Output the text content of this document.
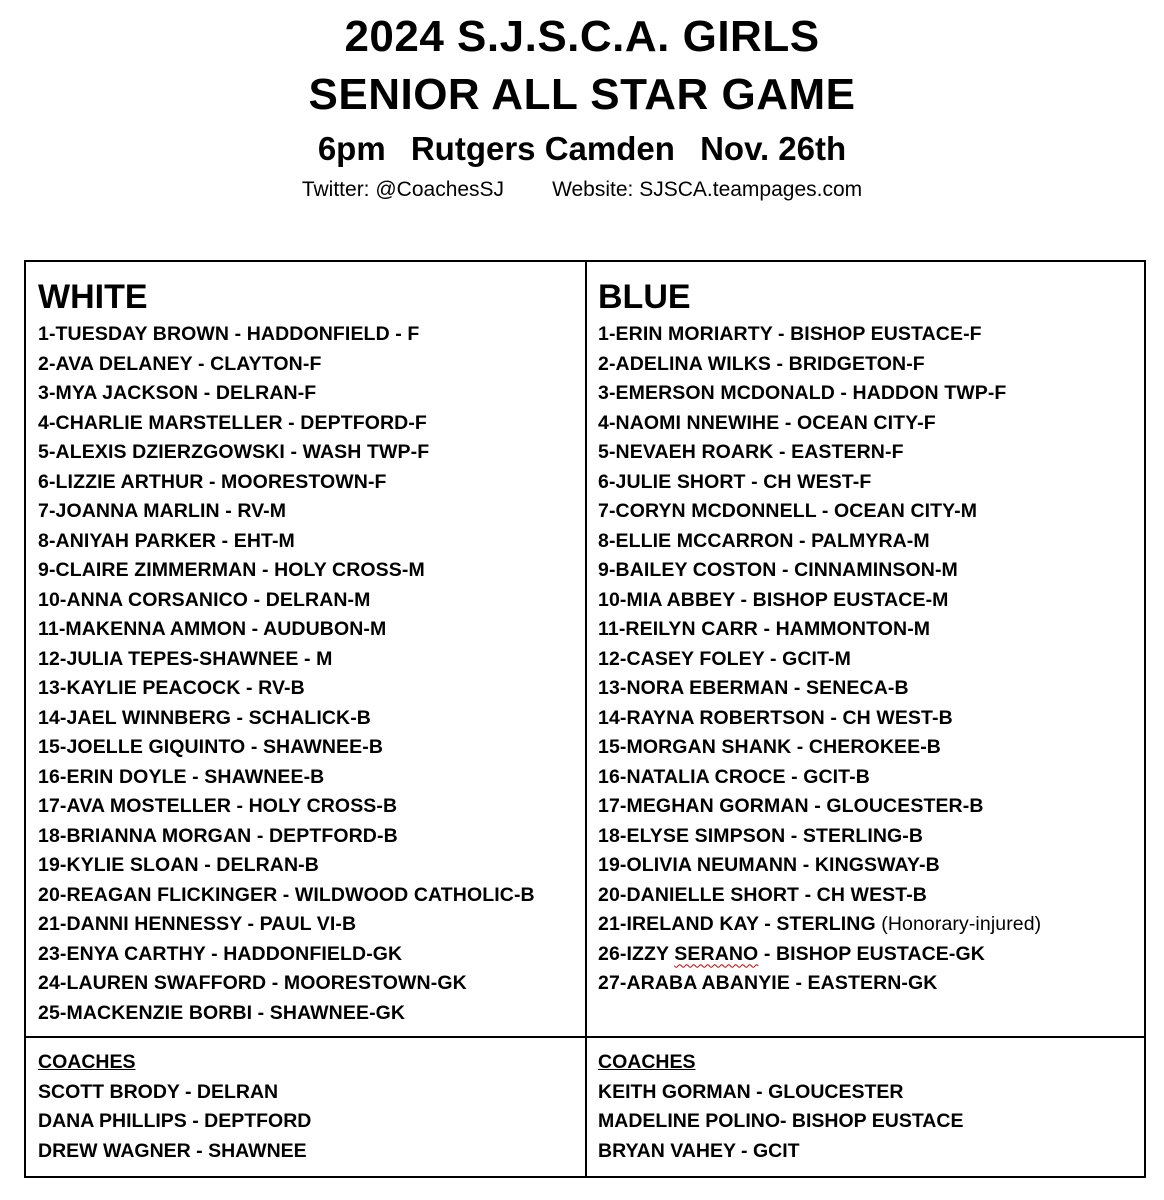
2024 S.J.S.C.A. GIRLS
SENIOR ALL STAR GAME
6pm Rutgers Camden Nov. 26th
Twitter: @CoachesSJ Website: SJSCA.teampages.com
WHITE
1-TUESDAY BROWN - HADDONFIELD - F
2-AVA DELANEY - CLAYTON-F
3-MYA JACKSON - DELRAN-F
4-CHARLIE MARSTELLER - DEPTFORD-F
5-ALEXIS DZIERZGOWSKI - WASH TWP-F
6-LIZZIE ARTHUR - MOORESTOWN-F
7-JOANNA MARLIN - RV-M
8-ANIYAH PARKER - EHT-M
9-CLAIRE ZIMMERMAN - HOLY CROSS-M
10-ANNA CORSANICO - DELRAN-M
11-MAKENNA AMMON - AUDUBON-M
12-JULIA TEPES-SHAWNEE - M
13-KAYLIE PEACOCK - RV-B
14-JAEL WINNBERG - SCHALICK-B
15-JOELLE GIQUINTO - SHAWNEE-B
16-ERIN DOYLE - SHAWNEE-B
17-AVA MOSTELLER - HOLY CROSS-B
18-BRIANNA MORGAN - DEPTFORD-B
19-KYLIE SLOAN - DELRAN-B
20-REAGAN FLICKINGER - WILDWOOD CATHOLIC-B
21-DANNI HENNESSY - PAUL VI-B
23-ENYA CARTHY - HADDONFIELD-GK
24-LAUREN SWAFFORD - MOORESTOWN-GK
25-MACKENZIE BORBI - SHAWNEE-GK
BLUE
1-ERIN MORIARTY - BISHOP EUSTACE-F
2-ADELINA WILKS - BRIDGETON-F
3-EMERSON MCDONALD - HADDON TWP-F
4-NAOMI NNEWIHE - OCEAN CITY-F
5-NEVAEH ROARK - EASTERN-F
6-JULIE SHORT - CH WEST-F
7-CORYN MCDONNELL - OCEAN CITY-M
8-ELLIE MCCARRON - PALMYRA-M
9-BAILEY COSTON - CINNAMINSON-M
10-MIA ABBEY - BISHOP EUSTACE-M
11-REILYN CARR - HAMMONTON-M
12-CASEY FOLEY - GCIT-M
13-NORA EBERMAN - SENECA-B
14-RAYNA ROBERTSON - CH WEST-B
15-MORGAN SHANK - CHEROKEE-B
16-NATALIA CROCE - GCIT-B
17-MEGHAN GORMAN - GLOUCESTER-B
18-ELYSE SIMPSON - STERLING-B
19-OLIVIA NEUMANN - KINGSWAY-B
20-DANIELLE SHORT - CH WEST-B
21-IRELAND KAY - STERLING (Honorary-injured)
26-IZZY SERANO - BISHOP EUSTACE-GK
27-ARABA ABANYIE - EASTERN-GK
COACHES
SCOTT BRODY - DELRAN
DANA PHILLIPS - DEPTFORD
DREW WAGNER - SHAWNEE
COACHES
KEITH GORMAN - GLOUCESTER
MADELINE POLINO- BISHOP EUSTACE
BRYAN VAHEY - GCIT
